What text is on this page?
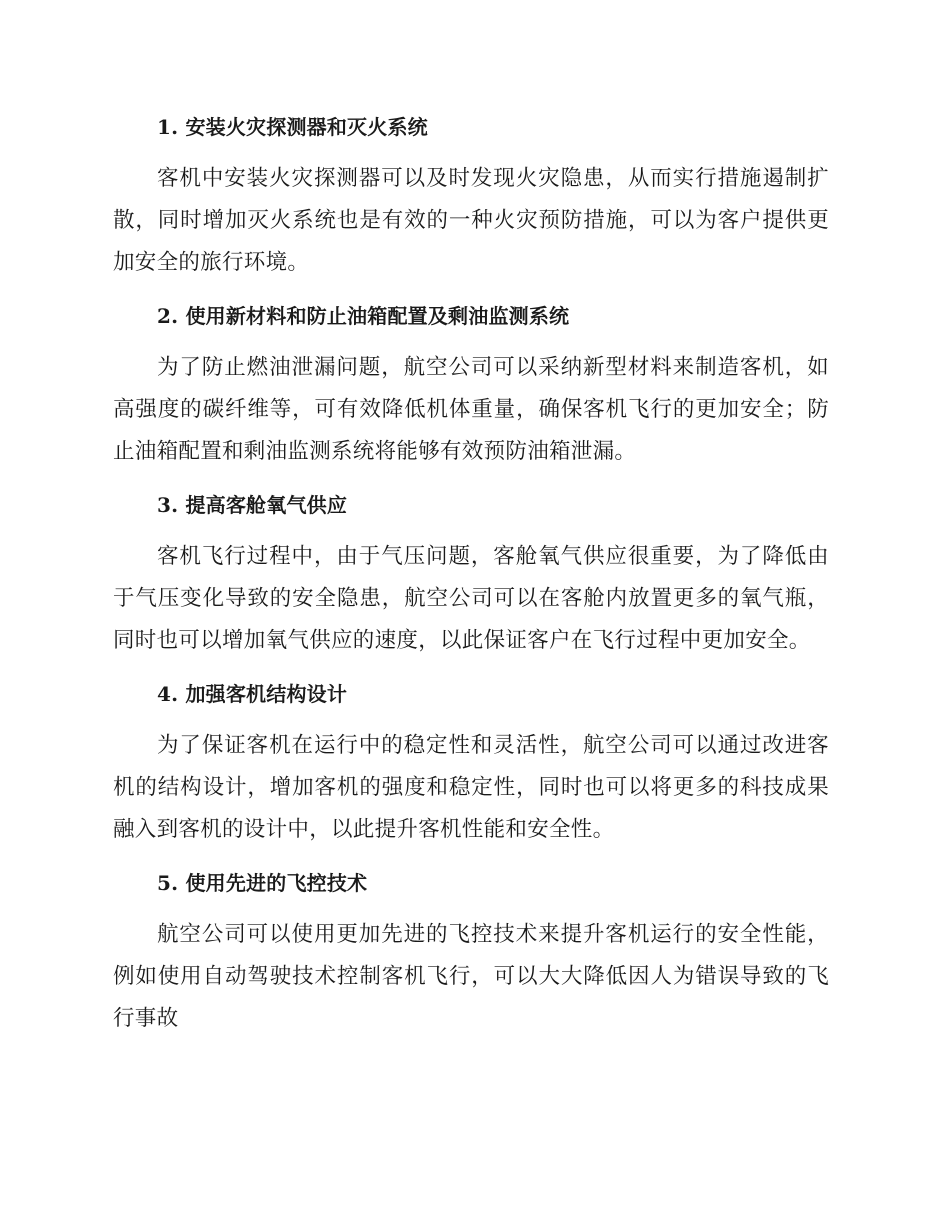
1. 安装火灾探测器和灭火系统

客机中安装火灾探测器可以及时发现火灾隐患，从而实行措施遏制扩散，同时增加灭火系统也是有效的一种火灾预防措施，可以为客户提供更加安全的旅行环境。

2. 使用新材料和防止油箱配置及剩油监测系统

为了防止燃油泄漏问题，航空公司可以采纳新型材料来制造客机，如高强度的碳纤维等，可有效降低机体重量，确保客机飞行的更加安全；防止油箱配置和剩油监测系统将能够有效预防油箱泄漏。

3. 提高客舱氧气供应

客机飞行过程中，由于气压问题，客舱氧气供应很重要，为了降低由于气压变化导致的安全隐患，航空公司可以在客舱内放置更多的氧气瓶，同时也可以增加氧气供应的速度，以此保证客户在飞行过程中更加安全。

4. 加强客机结构设计

为了保证客机在运行中的稳定性和灵活性，航空公司可以通过改进客机的结构设计，增加客机的强度和稳定性，同时也可以将更多的科技成果融入到客机的设计中，以此提升客机性能和安全性。

5. 使用先进的飞控技术

航空公司可以使用更加先进的飞控技术来提升客机运行的安全性能，例如使用自动驾驶技术控制客机飞行，可以大大降低因人为错误导致的飞行事故
